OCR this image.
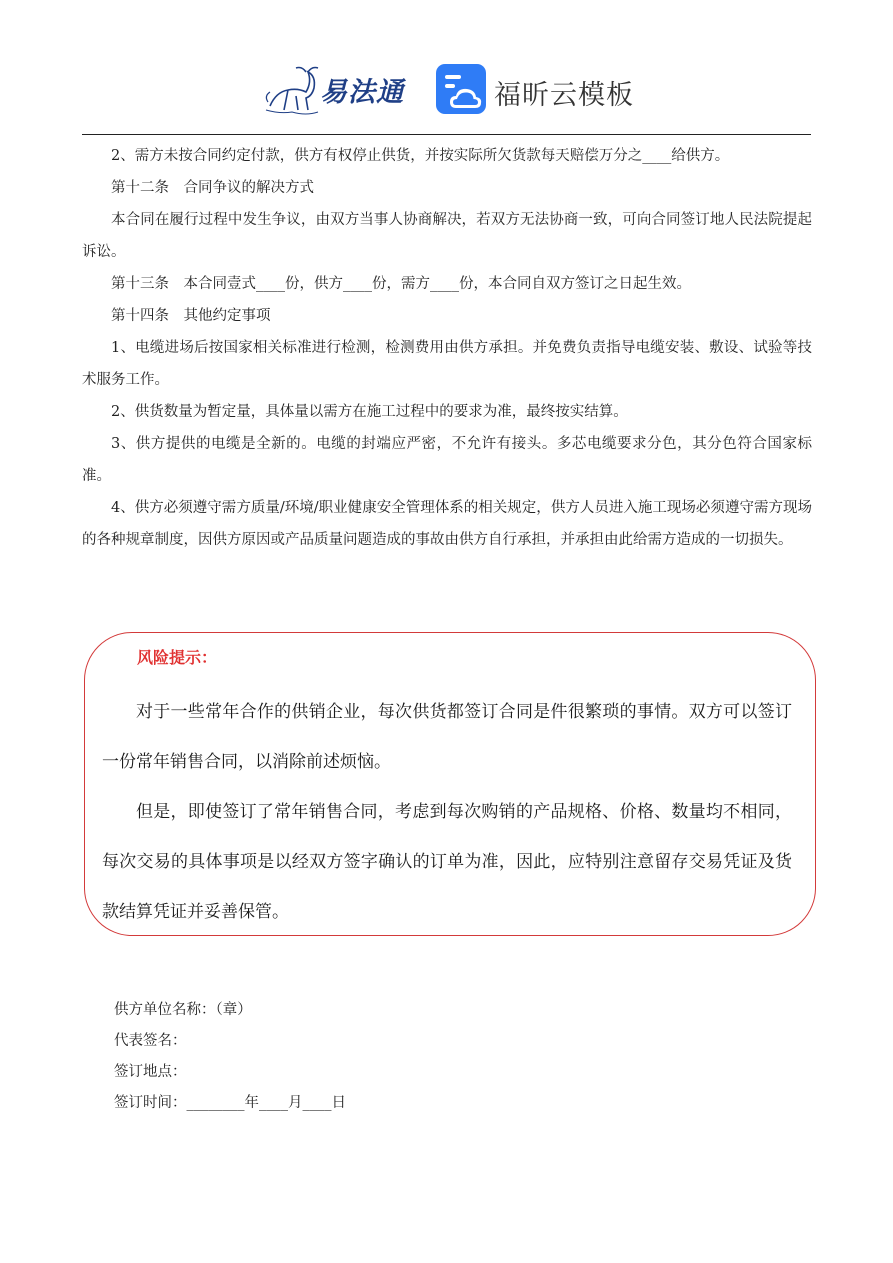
易法通	福昕云模板

2、需方未按合同约定付款，供方有权停止供货，并按实际所欠货款每天赔偿万分之____给供方。

第十二条　合同争议的解决方式

本合同在履行过程中发生争议，由双方当事人协商解决，若双方无法协商一致，可向合同签订地人民法院提起诉讼。

第十三条　本合同壹式____份，供方____份，需方____份，本合同自双方签订之日起生效。

第十四条　其他约定事项

1、电缆进场后按国家相关标准进行检测，检测费用由供方承担。并免费负责指导电缆安装、敷设、试验等技术服务工作。

2、供货数量为暂定量，具体量以需方在施工过程中的要求为准，最终按实结算。

3、供方提供的电缆是全新的。电缆的封端应严密，不允许有接头。多芯电缆要求分色，其分色符合国家标准。

4、供方必须遵守需方质量/环境/职业健康安全管理体系的相关规定，供方人员进入施工现场必须遵守需方现场的各种规章制度，因供方原因或产品质量问题造成的事故由供方自行承担，并承担由此给需方造成的一切损失。

风险提示：

对于一些常年合作的供销企业，每次供货都签订合同是件很繁琐的事情。双方可以签订一份常年销售合同，以消除前述烦恼。

但是，即使签订了常年销售合同，考虑到每次购销的产品规格、价格、数量均不相同，每次交易的具体事项是以经双方签字确认的订单为准，因此，应特别注意留存交易凭证及货款结算凭证并妥善保管。

供方单位名称：（章）
代表签名：
签订地点：
签订时间：________年____月____日
